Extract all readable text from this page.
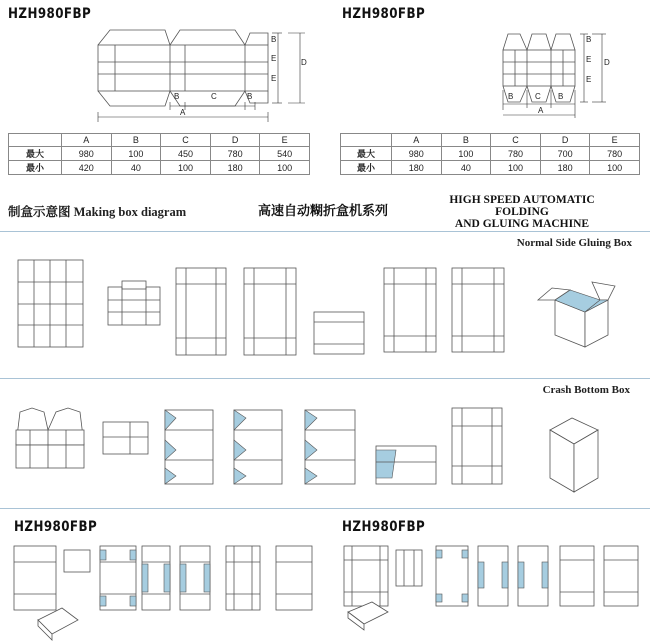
HZH980FBP	HZH980FBP
B	C	B
A
B
E
E
D
B	C B
A
B
E
E
D
	A	B	C	D	E
最大	980	100	450	780	540
最小	420	40	100	180	100
	A	B	C	D	E
最大	980	100	780	700	780
最小	180	40	100	180	100
制盒示意图 Making box diagram	高速自动糊折盒机系列
HIGH SPEED AUTOMATIC FOLDING
AND GLUING MACHINE
Normal Side Gluing Box
Crash Bottom Box
HZH980FBP	HZH980FBP
